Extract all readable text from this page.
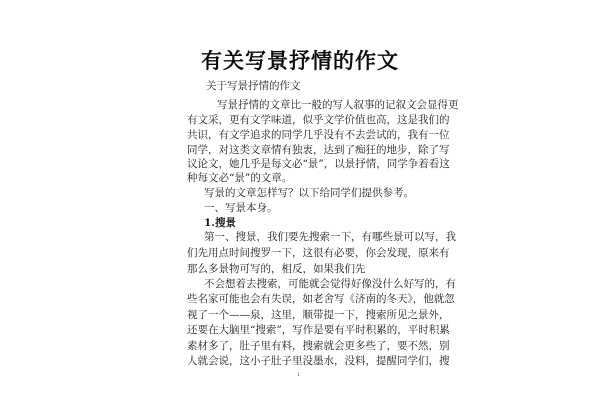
有关写景抒情的作文
关于写景抒情的作文
写景抒情的文章比一般的写人叙事的记叙文会显得更
有文采，更有文学味道，似乎文学价值也高，这是我们的
共识，有文学追求的同学几乎没有不去尝试的，我有一位
同学，对这类文章情有独衷，达到了痴狂的地步，除了写
议论文，她几乎是每文必“景”，以景抒情，同学争着看这
种每文必“景”的文章。
写景的文章怎样写？以下给同学们提供参考。
一、写景本身。
1.搜景
第一、搜景，我们要先搜索一下，有哪些景可以写，我
们先用点时间搜罗一下，这很有必要，你会发现，原来有
那么多景物可写的，相反，如果我们先
不会想着去搜索，可能就会觉得好像没什么好写的，有
些名家可能也会有失误，如老舍写《济南的冬天》，他就忽
视了一个——泉，这里，顺带提一下，搜索所见之景外，
还要在大脑里“搜索”，写作是要有平时积累的，平时积累
素材多了，肚子里有料，搜索就会更多些了，要不然，别
人就会说，这小子肚子里没墨水，没料，提醒同学们，搜
1
